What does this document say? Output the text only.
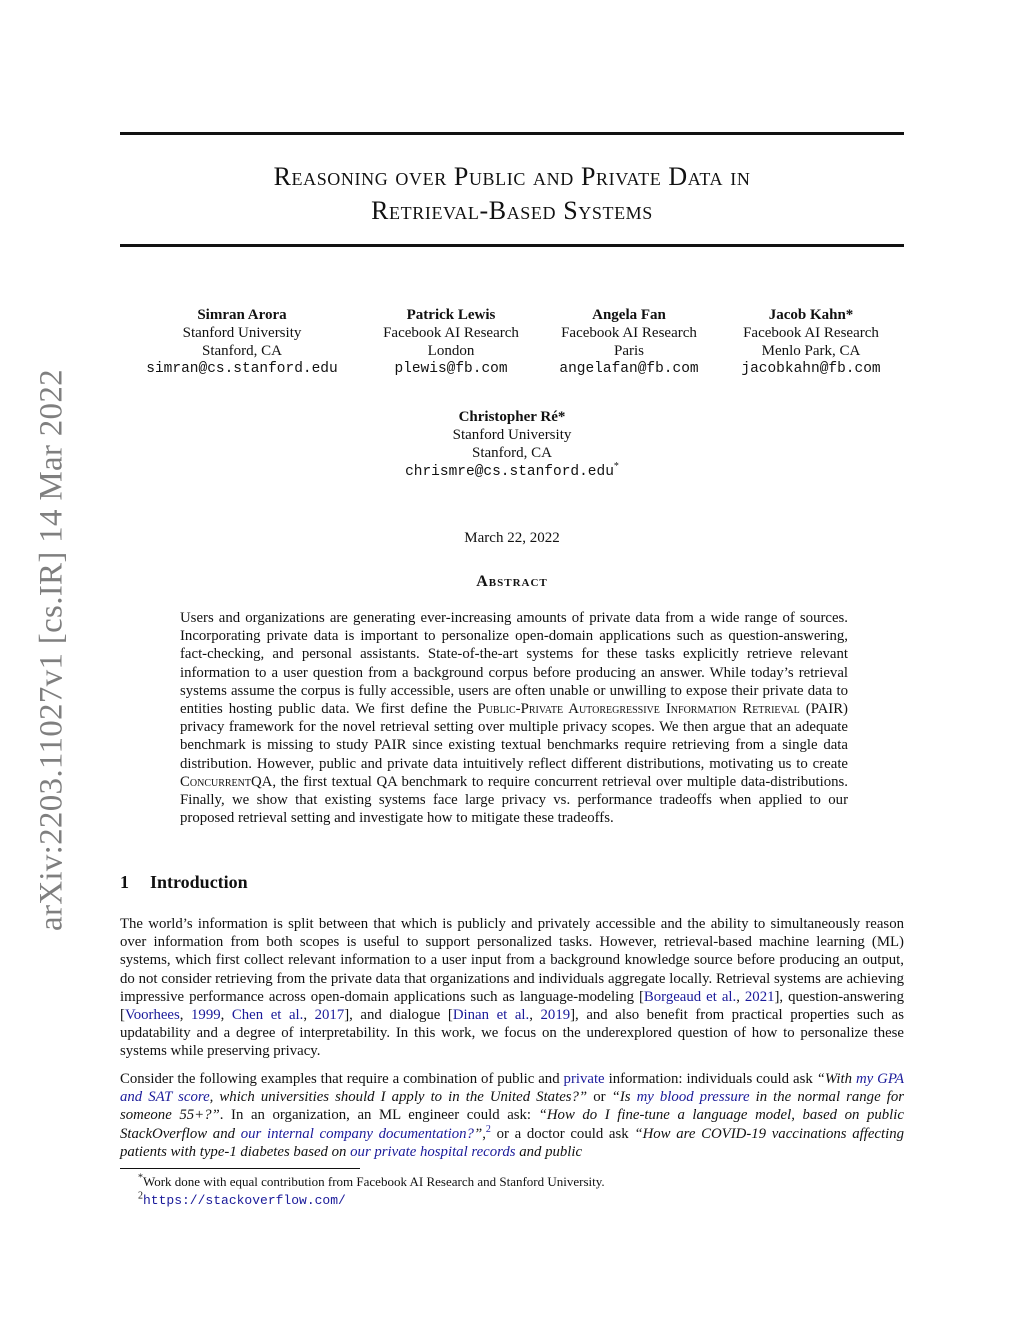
arXiv:2203.11027v1 [cs.IR] 14 Mar 2022
Reasoning over Public and Private Data in
Retrieval-Based Systems
Simran Arora
Stanford University
Stanford, CA
simran@cs.stanford.edu
Patrick Lewis
Facebook AI Research
London
plewis@fb.com
Angela Fan
Facebook AI Research
Paris
angelafan@fb.com
Jacob Kahn*
Facebook AI Research
Menlo Park, CA
jacobkahn@fb.com
Christopher Ré*
Stanford University
Stanford, CA
chrismre@cs.stanford.edu*
March 22, 2022
Abstract
Users and organizations are generating ever-increasing amounts of private data from a wide range of sources. Incorporating private data is important to personalize open-domain applications such as question-answering, fact-checking, and personal assistants. State-of-the-art systems for these tasks explicitly retrieve relevant information to a user question from a background corpus before producing an answer. While today’s retrieval systems assume the corpus is fully accessible, users are often unable or unwilling to expose their private data to entities hosting public data. We first define the Public-Private Autoregressive Information Retrieval (PAIR) privacy framework for the novel retrieval setting over multiple privacy scopes. We then argue that an adequate benchmark is missing to study PAIR since existing textual benchmarks require retrieving from a single data distribution. However, public and private data intuitively reflect different distributions, motivating us to create ConcurrentQA, the first textual QA benchmark to require concurrent retrieval over multiple data-distributions. Finally, we show that existing systems face large privacy vs. performance tradeoffs when applied to our proposed retrieval setting and investigate how to mitigate these tradeoffs.
1 Introduction
The world’s information is split between that which is publicly and privately accessible and the ability to simultaneously reason over information from both scopes is useful to support personalized tasks. However, retrieval-based machine learning (ML) systems, which first collect relevant information to a user input from a background knowledge source before producing an output, do not consider retrieving from the private data that organizations and individuals aggregate locally. Retrieval systems are achieving impressive performance across open-domain applications such as language-modeling [Borgeaud et al., 2021], question-answering [Voorhees, 1999, Chen et al., 2017], and dialogue [Dinan et al., 2019], and also benefit from practical properties such as updatability and a degree of interpretability. In this work, we focus on the underexplored question of how to personalize these systems while preserving privacy.
Consider the following examples that require a combination of public and private information: individuals could ask “With my GPA and SAT score, which universities should I apply to in the United States?” or “Is my blood pressure in the normal range for someone 55+?”. In an organization, an ML engineer could ask: “How do I fine-tune a language model, based on public StackOverflow and our internal company documentation?”,$^2$ or a doctor could ask “How are COVID-19 vaccinations affecting patients with type-1 diabetes based on our private hospital records and public
*Work done with equal contribution from Facebook AI Research and Stanford University.
$^2$https://stackoverflow.com/
